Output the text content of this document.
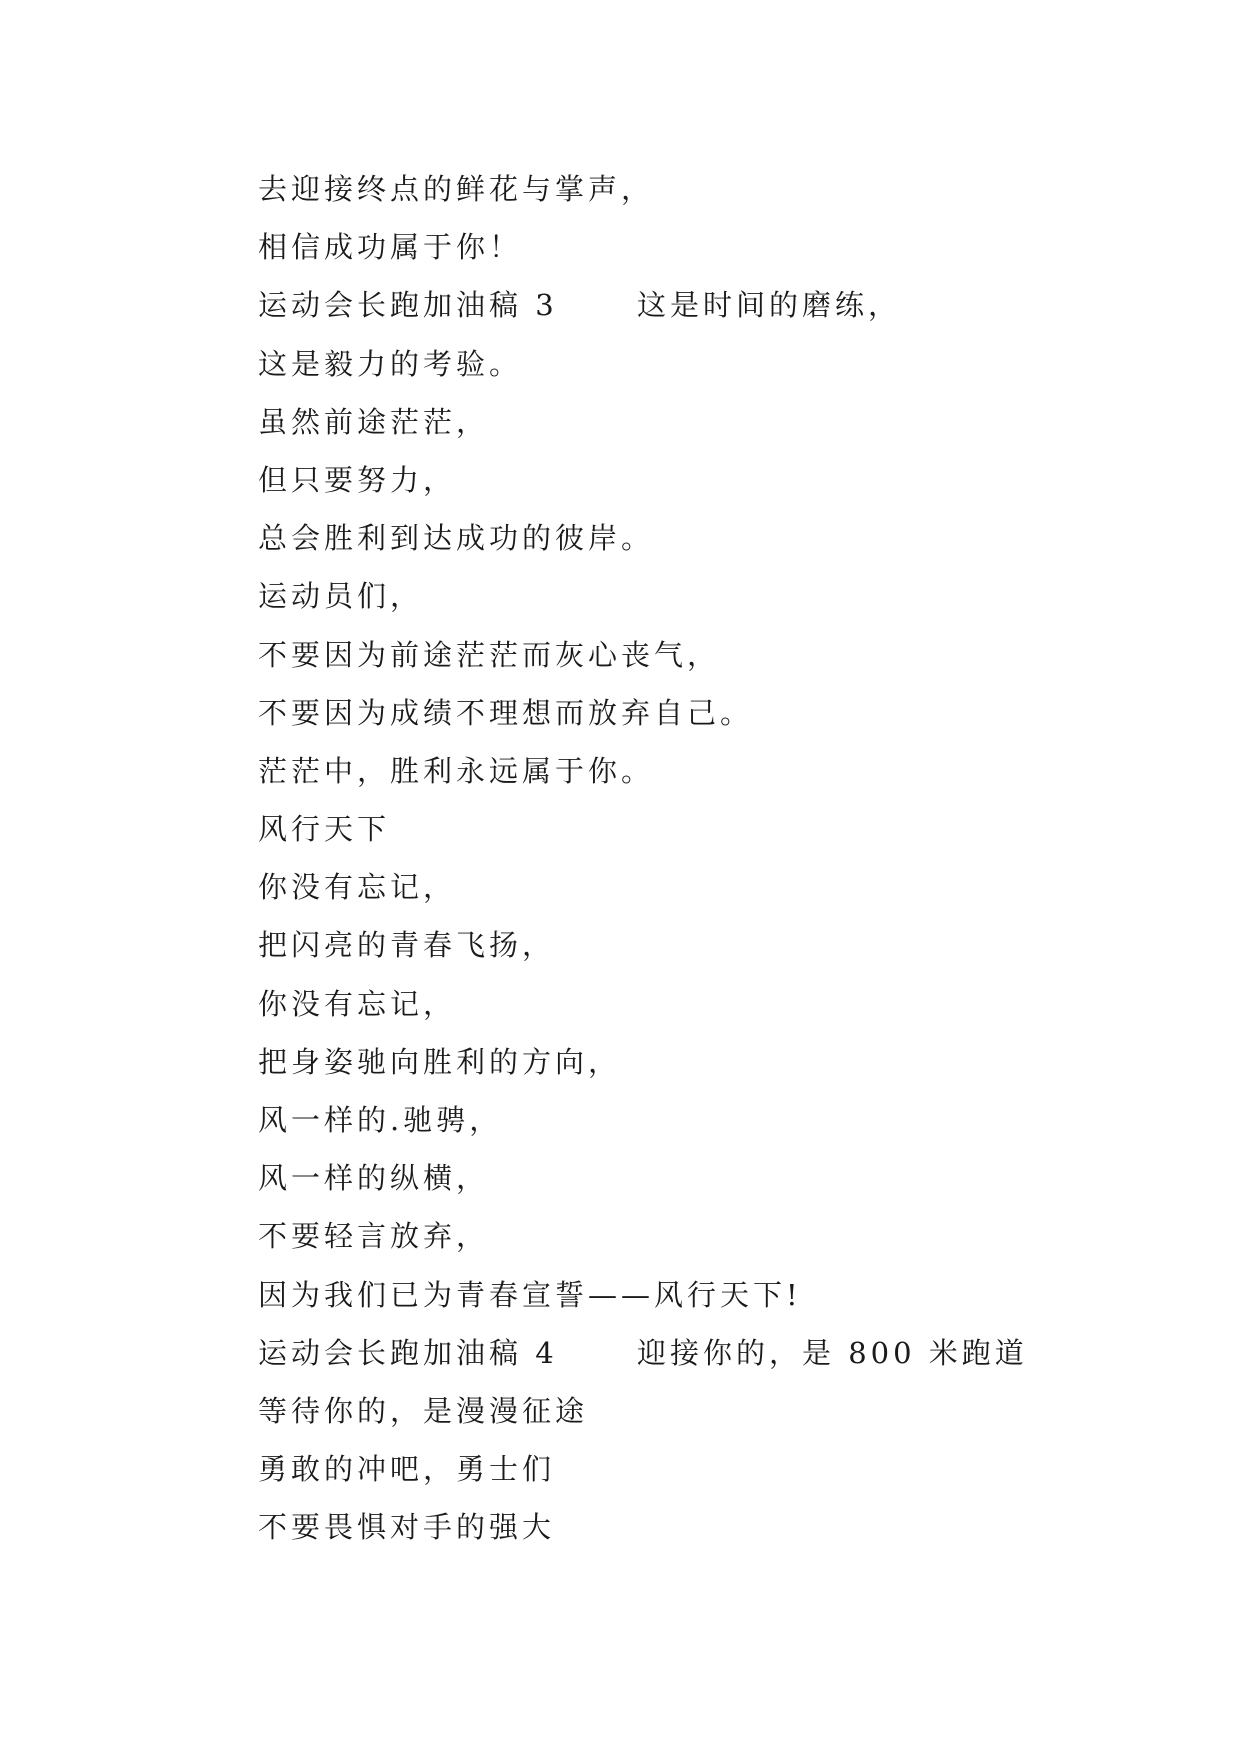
去迎接终点的鲜花与掌声，
相信成功属于你！
运动会长跑加油稿 3      这是时间的磨练，
这是毅力的考验。
虽然前途茫茫，
但只要努力，
总会胜利到达成功的彼岸。
运动员们，
不要因为前途茫茫而灰心丧气，
不要因为成绩不理想而放弃自己。
茫茫中，胜利永远属于你。
风行天下
你没有忘记，
把闪亮的青春飞扬，
你没有忘记，
把身姿驰向胜利的方向，
风一样的.驰骋，
风一样的纵横，
不要轻言放弃，
因为我们已为青春宣誓——风行天下!
运动会长跑加油稿 4      迎接你的，是 800 米跑道
等待你的，是漫漫征途
勇敢的冲吧，勇士们
不要畏惧对手的强大
